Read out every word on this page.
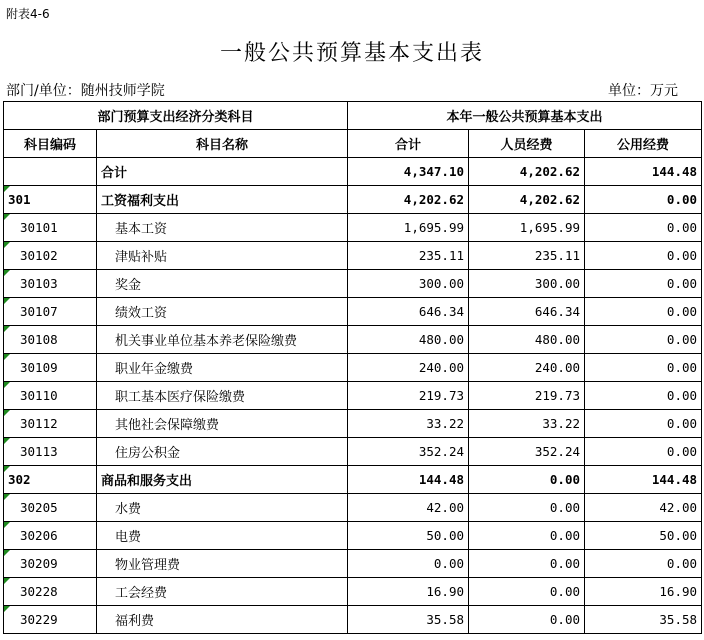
附表4-6
一般公共预算基本支出表
部门/单位：随州技师学院	单位：万元
部门预算支出经济分类科目		本年一般公共预算基本支出		
科目编码	科目名称	合计	人员经费	公用经费
	合计	4,347.10	4,202.62	144.48

301	工资福利支出	4,202.62	4,202.62	0.00

30101	基本工资	1,695.99	1,695.99	0.00

30102	津贴补贴	235.11	235.11	0.00

30103	奖金	300.00	300.00	0.00

30107	绩效工资	646.34	646.34	0.00

30108	机关事业单位基本养老保险缴费	480.00	480.00	0.00

30109	职业年金缴费	240.00	240.00	0.00

30110	职工基本医疗保险缴费	219.73	219.73	0.00

30112	其他社会保障缴费	33.22	33.22	0.00

30113	住房公积金	352.24	352.24	0.00

302	商品和服务支出	144.48	0.00	144.48

30205	水费	42.00	0.00	42.00

30206	电费	50.00	0.00	50.00

30209	物业管理费	0.00	0.00	0.00

30228	工会经费	16.90	0.00	16.90

30229	福利费	35.58	0.00	35.58
